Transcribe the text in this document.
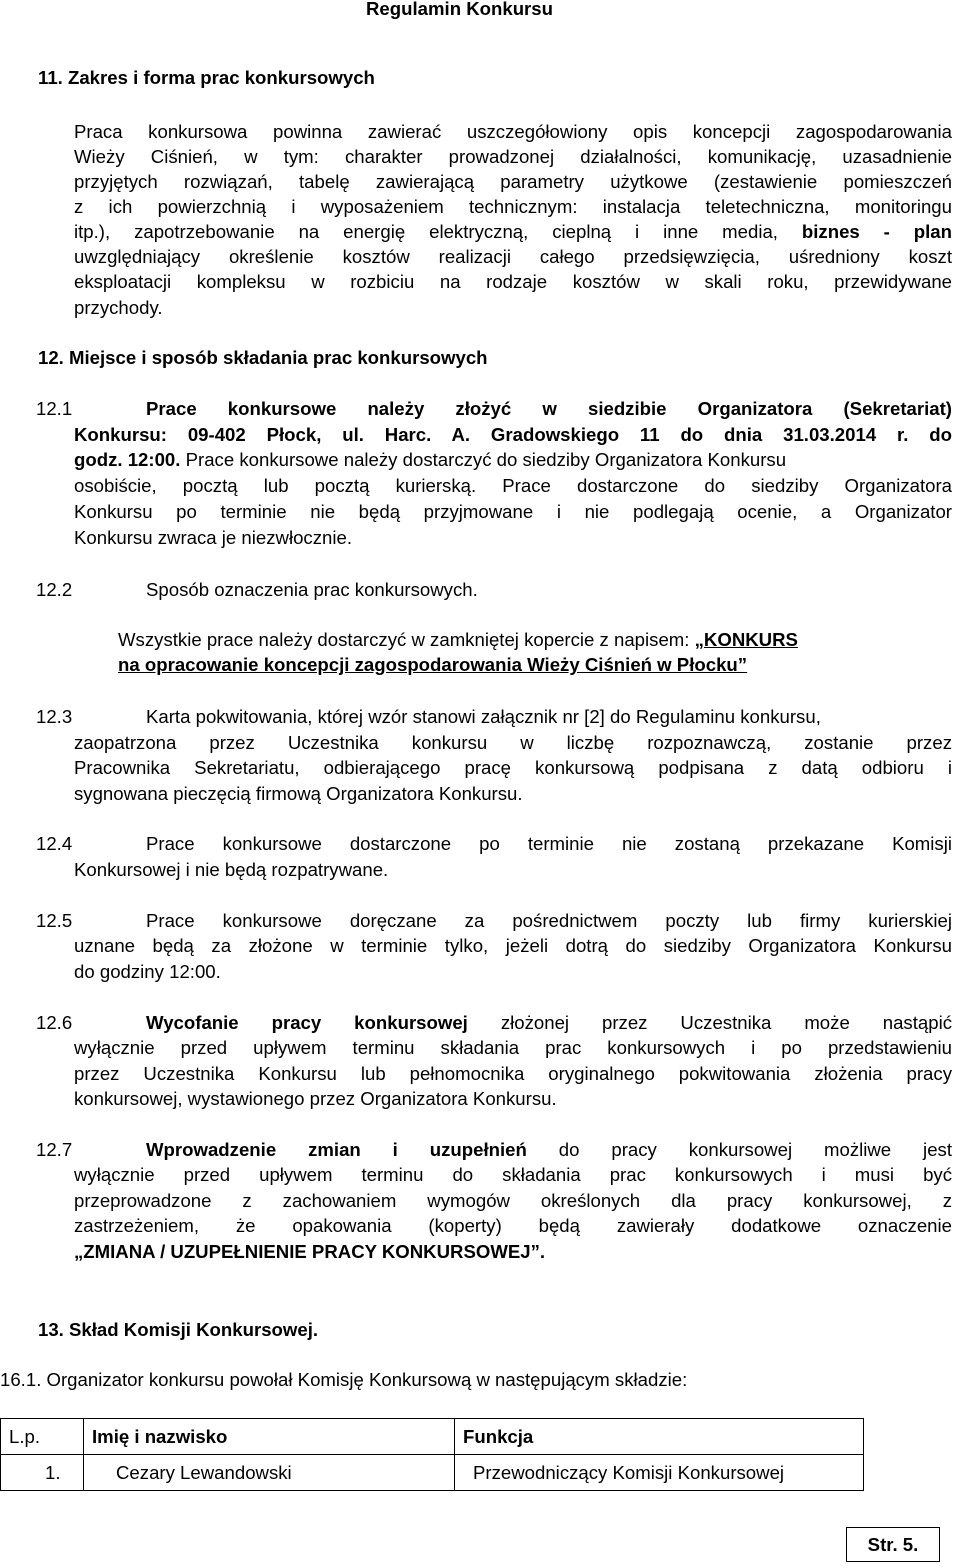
Regulamin Konkursu
11. Zakres i forma prac konkursowych
Praca konkursowa powinna zawierać uszczegółowiony opis koncepcji zagospodarowania
Wieży Ciśnień, w tym: charakter prowadzonej działalności, komunikację, uzasadnienie
przyjętych rozwiązań, tabelę zawierającą parametry użytkowe (zestawienie pomieszczeń
z ich powierzchnią i wyposażeniem technicznym: instalacja teletechniczna, monitoringu
itp.), zapotrzebowanie na energię elektryczną, cieplną i inne media, biznes - plan
uwzględniający określenie kosztów realizacji całego przedsięwzięcia, uśredniony koszt
eksploatacji kompleksu w rozbiciu na rodzaje kosztów w skali roku, przewidywane
przychody.
12. Miejsce i sposób składania prac konkursowych
12.1	Prace konkursowe należy złożyć w siedzibie Organizatora (Sekretariat)
Konkursu: 09-402 Płock, ul. Harc. A. Gradowskiego 11 do dnia 31.03.2014 r. do
godz. 12:00. Prace konkursowe należy dostarczyć do siedziby Organizatora Konkursu
osobiście, pocztą lub pocztą kurierską. Prace dostarczone do siedziby Organizatora
Konkursu po terminie nie będą przyjmowane i nie podlegają ocenie, a Organizator
Konkursu zwraca je niezwłocznie.
12.2	Sposób oznaczenia prac konkursowych.
Wszystkie prace należy dostarczyć w zamkniętej kopercie z napisem: „KONKURS
na opracowanie koncepcji zagospodarowania Wieży Ciśnień w Płocku”
12.3	Karta pokwitowania, której wzór stanowi załącznik nr [2] do Regulaminu konkursu,
zaopatrzona przez Uczestnika konkursu w liczbę rozpoznawczą, zostanie przez
Pracownika Sekretariatu, odbierającego pracę konkursową podpisana z datą odbioru i
sygnowana pieczęcią firmową Organizatora Konkursu.
12.4	Prace konkursowe dostarczone po terminie nie zostaną przekazane Komisji
Konkursowej i nie będą rozpatrywane.
12.5	Prace konkursowe doręczane za pośrednictwem poczty lub firmy kurierskiej
uznane będą za złożone w terminie tylko, jeżeli dotrą do siedziby Organizatora Konkursu
do godziny 12:00.
12.6	Wycofanie pracy konkursowej złożonej przez Uczestnika może nastąpić
wyłącznie przed upływem terminu składania prac konkursowych i po przedstawieniu
przez Uczestnika Konkursu lub pełnomocnika oryginalnego pokwitowania złożenia pracy
konkursowej, wystawionego przez Organizatora Konkursu.
12.7	Wprowadzenie zmian i uzupełnień do pracy konkursowej możliwe jest
wyłącznie przed upływem terminu do składania prac konkursowych i musi być
przeprowadzone z zachowaniem wymogów określonych dla pracy konkursowej, z
zastrzeżeniem, że opakowania (koperty) będą zawierały dodatkowe oznaczenie
„ZMIANA / UZUPEŁNIENIE PRACY KONKURSOWEJ”.
13. Skład Komisji Konkursowej.
16.1. Organizator konkursu powołał Komisję Konkursową w następującym składzie:
L.p.	Imię i nazwisko	Funkcja
1.	Cezary Lewandowski	Przewodniczący Komisji Konkursowej
Str. 5.
